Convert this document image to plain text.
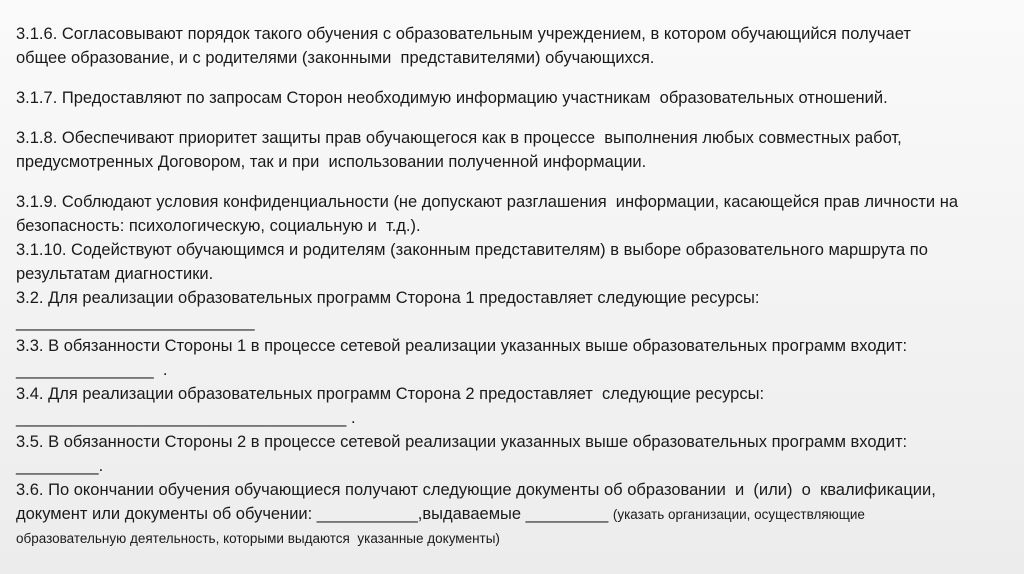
3.1.6. Согласовывают порядок такого обучения с образовательным учреждением, в котором обучающийся получает
общее образование, и с родителями (законными  представителями) обучающихся.

3.1.7. Предоставляют по запросам Сторон необходимую информацию участникам  образовательных отношений.

3.1.8. Обеспечивают приоритет защиты прав обучающегося как в процессе  выполнения любых совместных работ,
предусмотренных Договором, так и при  использовании полученной информации.

3.1.9. Соблюдают условия конфиденциальности (не допускают разглашения  информации, касающейся прав личности на
безопасность: психологическую, социальную и  т.д.).

3.1.10. Содействуют обучающимся и родителям (законным представителям) в выборе образовательного маршрута по
результатам диагностики.

3.2. Для реализации образовательных программ Сторона 1 предоставляет следующие ресурсы:
__________________________

3.3. В обязанности Стороны 1 в процессе сетевой реализации указанных выше образовательных программ входит:
_______________  .

3.4. Для реализации образовательных программ Сторона 2 предоставляет  следующие ресурсы:
____________________________________ .

3.5. В обязанности Стороны 2 в процессе сетевой реализации указанных выше образовательных программ входит:
_________.

3.6. По окончании обучения обучающиеся получают следующие документы об образовании  и  (или)  о  квалификации,
документ или документы об обучении: ___________,выдаваемые _________ (указать организации, осуществляющие

образовательную деятельность, которыми выдаются  указанные документы)
